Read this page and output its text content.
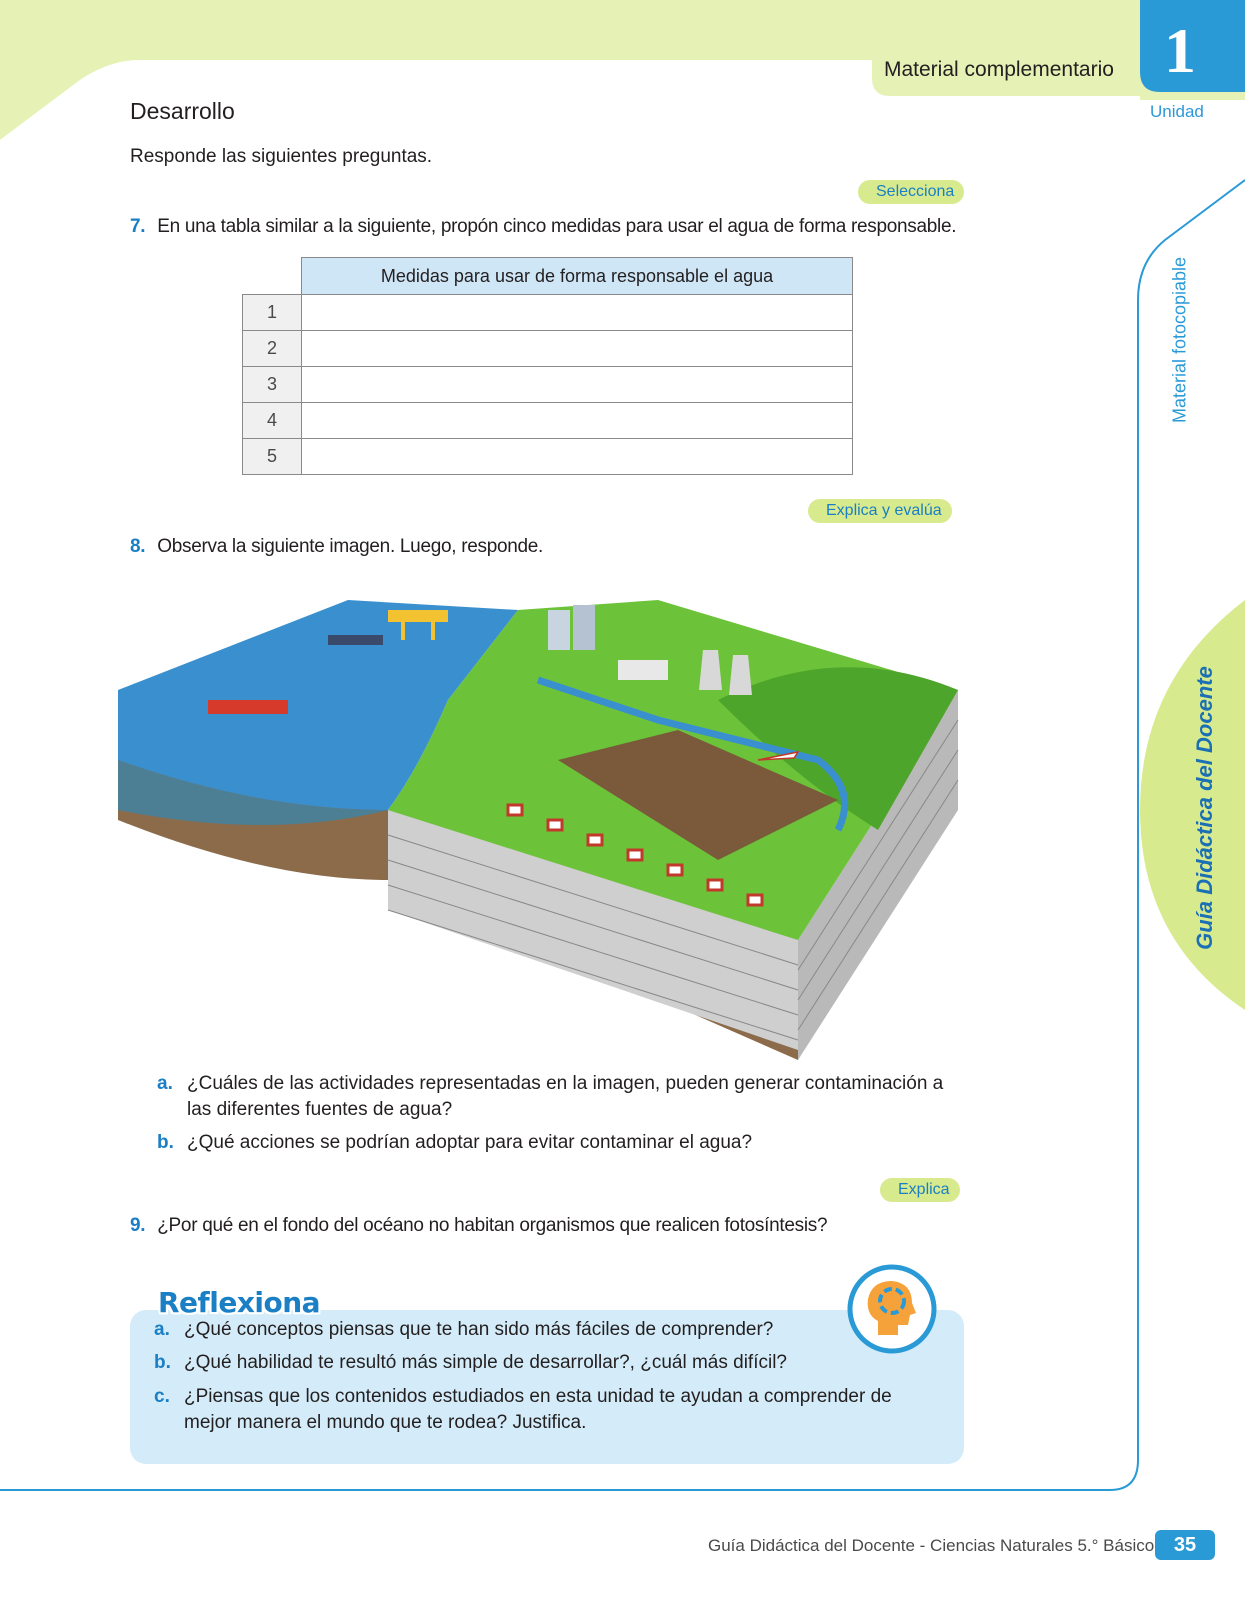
Material complementario 1
Unidad
Material fotocopiable
Guía Didáctica del Docente
Desarrollo
Responde las siguientes preguntas.
Selecciona
7. En una tabla similar a la siguiente, propón cinco medidas para usar el agua de forma responsable.
	Medidas para usar de forma responsable el agua
1	
2	
3	
4	
5	
Explica y evalúa
8. Observa la siguiente imagen. Luego, responde.
a. ¿Cuáles de las actividades representadas en la imagen, pueden generar contaminación a las diferentes fuentes de agua?
b. ¿Qué acciones se podrían adoptar para evitar contaminar el agua?
Explica
9. ¿Por qué en el fondo del océano no habitan organismos que realicen fotosíntesis?
Reflexiona
a. ¿Qué conceptos piensas que te han sido más fáciles de comprender?
b. ¿Qué habilidad te resultó más simple de desarrollar?, ¿cuál más difícil?
c. ¿Piensas que los contenidos estudiados en esta unidad te ayudan a comprender de mejor manera el mundo que te rodea? Justifica.
Guía Didáctica del Docente - Ciencias Naturales 5.° Básico 35
